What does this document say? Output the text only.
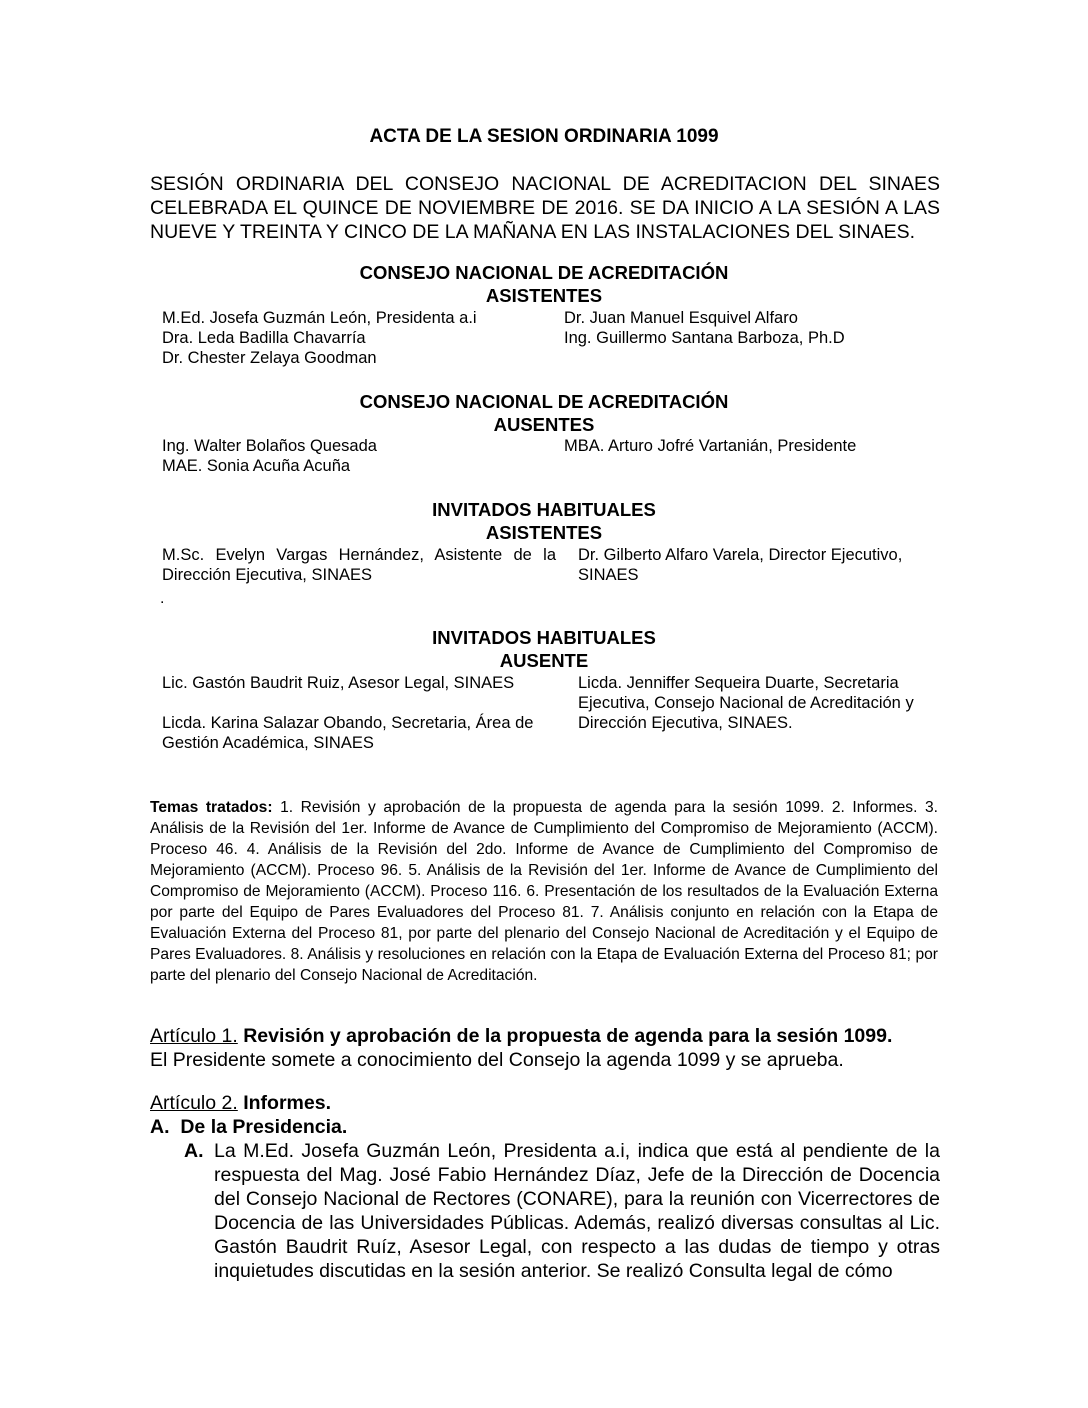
ACTA DE LA SESION ORDINARIA 1099

SESIÓN ORDINARIA DEL CONSEJO NACIONAL DE ACREDITACION DEL SINAES CELEBRADA EL QUINCE DE NOVIEMBRE DE 2016. SE DA INICIO A LA SESIÓN A LAS NUEVE Y TREINTA Y CINCO DE LA MAÑANA EN LAS INSTALACIONES DEL SINAES.

CONSEJO NACIONAL DE ACREDITACIÓN
ASISTENTES
M.Ed. Josefa Guzmán León, Presidenta a.i
Dra. Leda Badilla Chavarría
Dr. Chester Zelaya Goodman
Dr. Juan Manuel Esquivel Alfaro
Ing. Guillermo Santana Barboza, Ph.D
CONSEJO NACIONAL DE ACREDITACIÓN
AUSENTES
Ing. Walter Bolaños Quesada
MAE. Sonia Acuña Acuña
MBA. Arturo Jofré Vartanián, Presidente
INVITADOS HABITUALES
ASISTENTES
M.Sc. Evelyn Vargas Hernández, Asistente de la Dirección Ejecutiva, SINAES
Dr. Gilberto Alfaro Varela, Director Ejecutivo, SINAES
.
INVITADOS HABITUALES
AUSENTE
Lic. Gastón Baudrit Ruiz, Asesor Legal, SINAES
Licda. Karina Salazar Obando, Secretaria, Área de Gestión Académica, SINAES
Licda. Jenniffer Sequeira Duarte, Secretaria Ejecutiva, Consejo Nacional de Acreditación y Dirección Ejecutiva, SINAES.

Temas tratados: 1. Revisión y aprobación de la propuesta de agenda para la sesión 1099. 2. Informes. 3. Análisis de la Revisión del 1er. Informe de Avance de Cumplimiento del Compromiso de Mejoramiento (ACCM). Proceso 46. 4. Análisis de la Revisión del 2do. Informe de Avance de Cumplimiento del Compromiso de Mejoramiento (ACCM). Proceso 96. 5. Análisis de la Revisión del 1er. Informe de Avance de Cumplimiento del Compromiso de Mejoramiento (ACCM). Proceso 116. 6. Presentación de los resultados de la Evaluación Externa por parte del Equipo de Pares Evaluadores del Proceso 81. 7. Análisis conjunto en relación con la Etapa de Evaluación Externa del Proceso 81, por parte del plenario del Consejo Nacional de Acreditación y el Equipo de Pares Evaluadores. 8. Análisis y resoluciones en relación con la Etapa de Evaluación Externa del Proceso 81; por parte del plenario del Consejo Nacional de Acreditación.

Artículo 1. Revisión y aprobación de la propuesta de agenda para la sesión 1099.
El Presidente somete a conocimiento del Consejo la agenda 1099 y se aprueba.
Artículo 2. Informes.
A. De la Presidencia.
A. La M.Ed. Josefa Guzmán León, Presidenta a.i, indica que está al pendiente de la respuesta del Mag. José Fabio Hernández Díaz, Jefe de la Dirección de Docencia del Consejo Nacional de Rectores (CONARE), para la reunión con Vicerrectores de Docencia de las Universidades Públicas. Además, realizó diversas consultas al Lic. Gastón Baudrit Ruíz, Asesor Legal, con respecto a las dudas de tiempo y otras inquietudes discutidas en la sesión anterior. Se realizó Consulta legal de cómo
